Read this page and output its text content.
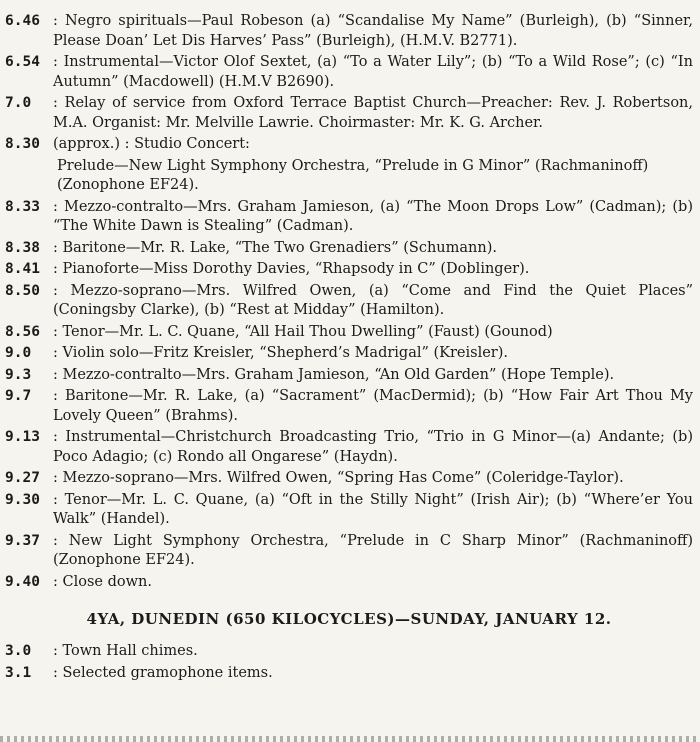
6.46 : Negro spirituals—Paul Robeson (a) “Scandalise My Name” (Burleigh), (b) “Sinner, Please Doan’ Let Dis Harves’ Pass” (Burleigh), (H.M.V. B2771).
6.54 : Instrumental—Victor Olof Sextet, (a) “To a Water Lily”; (b) “To a Wild Rose”; (c) “In Autumn” (Macdowell) (H.M.V B2690).
7.0	: Relay of service from Oxford Terrace Baptist Church—Preacher: Rev. J. Robertson, M.A. Organist: Mr. Melville Lawrie. Choirmaster: Mr. K. G. Archer.
8.30 (approx.) : Studio Concert:
Prelude—New Light Symphony Orchestra, “Prelude in G Minor” (Rachmaninoff) (Zonophone EF24).
8.33 : Mezzo-contralto—Mrs. Graham Jamieson, (a) “The Moon Drops Low” (Cadman); (b) “The White Dawn is Stealing” (Cadman).
8.38 : Baritone—Mr. R. Lake, “The Two Grenadiers” (Schumann).
8.41 : Pianoforte—Miss Dorothy Davies, “Rhapsody in C” (Doblinger).
8.50 : Mezzo-soprano—Mrs. Wilfred Owen, (a) “Come and Find the Quiet Places” (Coningsby Clarke), (b) “Rest at Midday” (Hamilton).
8.56 : Tenor—Mr. L. C. Quane, “All Hail Thou Dwelling” (Faust) (Gounod)
9.0	: Violin solo—Fritz Kreisler, “Shepherd’s Madrigal” (Kreisler).
9.3	: Mezzo-contralto—Mrs. Graham Jamieson, “An Old Garden” (Hope Temple).
9.7	: Baritone—Mr. R. Lake, (a) “Sacrament” (MacDermid); (b) “How Fair Art Thou My Lovely Queen” (Brahms).
9.13 : Instrumental—Christchurch Broadcasting Trio, “Trio in G Minor—(a) Andante; (b) Poco Adagio; (c) Rondo all Ongarese” (Haydn).
9.27 : Mezzo-soprano—Mrs. Wilfred Owen, “Spring Has Come” (Coleridge-Taylor).
9.30 : Tenor—Mr. L. C. Quane, (a) “Oft in the Stilly Night” (Irish Air); (b) “Where’er You Walk” (Handel).
9.37 : New Light Symphony Orchestra, “Prelude in C Sharp Minor” (Rachmaninoff) (Zonophone EF24).
9.40 : Close down.
4YA, DUNEDIN (650 KILOCYCLES)—SUNDAY, JANUARY 12.
3.0	: Town Hall chimes.
3.1	: Selected gramophone items.
